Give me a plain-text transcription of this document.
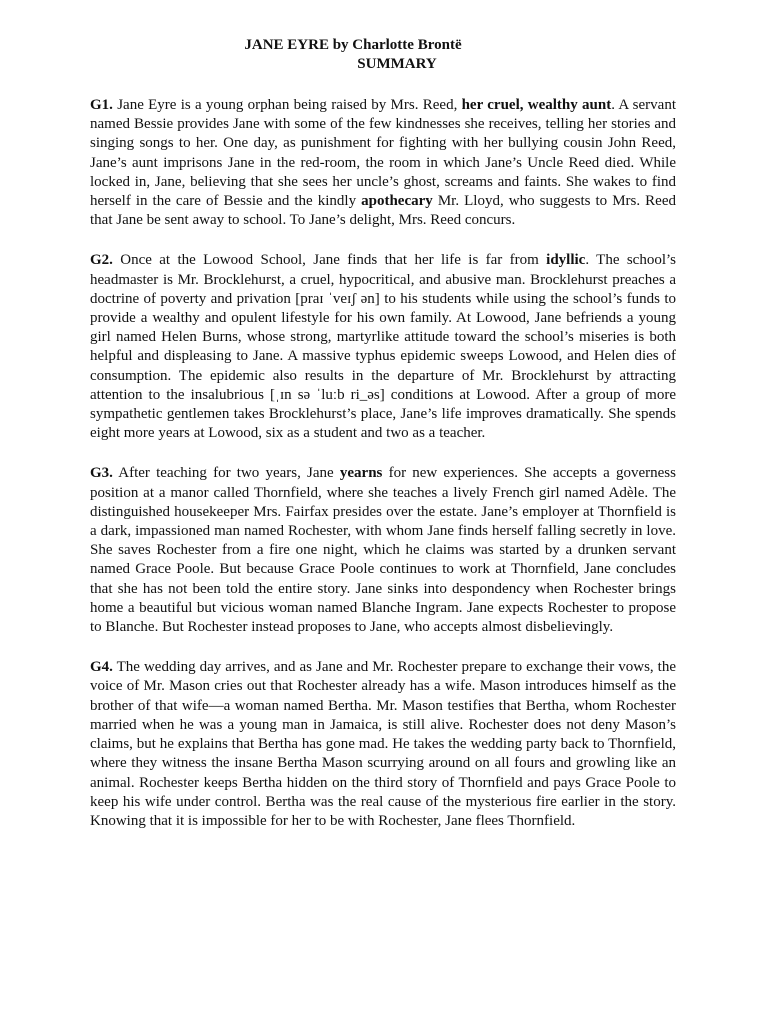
JANE EYRE by Charlotte Brontë
SUMMARY

G1. Jane Eyre is a young orphan being raised by Mrs. Reed, her cruel, wealthy aunt. A servant named Bessie provides Jane with some of the few kindnesses she receives, telling her stories and singing songs to her. One day, as punishment for fighting with her bullying cousin John Reed, Jane’s aunt imprisons Jane in the red-room, the room in which Jane’s Uncle Reed died. While locked in, Jane, believing that she sees her uncle’s ghost, screams and faints. She wakes to find herself in the care of Bessie and the kindly apothecary Mr. Lloyd, who suggests to Mrs. Reed that Jane be sent away to school. To Jane’s delight, Mrs. Reed concurs.

G2. Once at the Lowood School, Jane finds that her life is far from idyllic. The school’s headmaster is Mr. Brocklehurst, a cruel, hypocritical, and abusive man. Brocklehurst preaches a doctrine of poverty and privation [praɪ ˈveɪʃ ən] to his students while using the school’s funds to provide a wealthy and opulent lifestyle for his own family. At Lowood, Jane befriends a young girl named Helen Burns, whose strong, martyrlike attitude toward the school’s miseries is both helpful and displeasing to Jane. A massive typhus epidemic sweeps Lowood, and Helen dies of consumption. The epidemic also results in the departure of Mr. Brocklehurst by attracting attention to the insalubrious [ˌɪn sə ˈluːb ri_əs] conditions at Lowood. After a group of more sympathetic gentlemen takes Brocklehurst’s place, Jane’s life improves dramatically. She spends eight more years at Lowood, six as a student and two as a teacher.

G3. After teaching for two years, Jane yearns for new experiences. She accepts a governess position at a manor called Thornfield, where she teaches a lively French girl named Adèle. The distinguished housekeeper Mrs. Fairfax presides over the estate. Jane’s employer at Thornfield is a dark, impassioned man named Rochester, with whom Jane finds herself falling secretly in love. She saves Rochester from a fire one night, which he claims was started by a drunken servant named Grace Poole. But because Grace Poole continues to work at Thornfield, Jane concludes that she has not been told the entire story. Jane sinks into despondency when Rochester brings home a beautiful but vicious woman named Blanche Ingram. Jane expects Rochester to propose to Blanche. But Rochester instead proposes to Jane, who accepts almost disbelievingly.

G4. The wedding day arrives, and as Jane and Mr. Rochester prepare to exchange their vows, the voice of Mr. Mason cries out that Rochester already has a wife. Mason introduces himself as the brother of that wife—a woman named Bertha. Mr. Mason testifies that Bertha, whom Rochester married when he was a young man in Jamaica, is still alive. Rochester does not deny Mason’s claims, but he explains that Bertha has gone mad. He takes the wedding party back to Thornfield, where they witness the insane Bertha Mason scurrying around on all fours and growling like an animal. Rochester keeps Bertha hidden on the third story of Thornfield and pays Grace Poole to keep his wife under control. Bertha was the real cause of the mysterious fire earlier in the story. Knowing that it is impossible for her to be with Rochester, Jane flees Thornfield.
